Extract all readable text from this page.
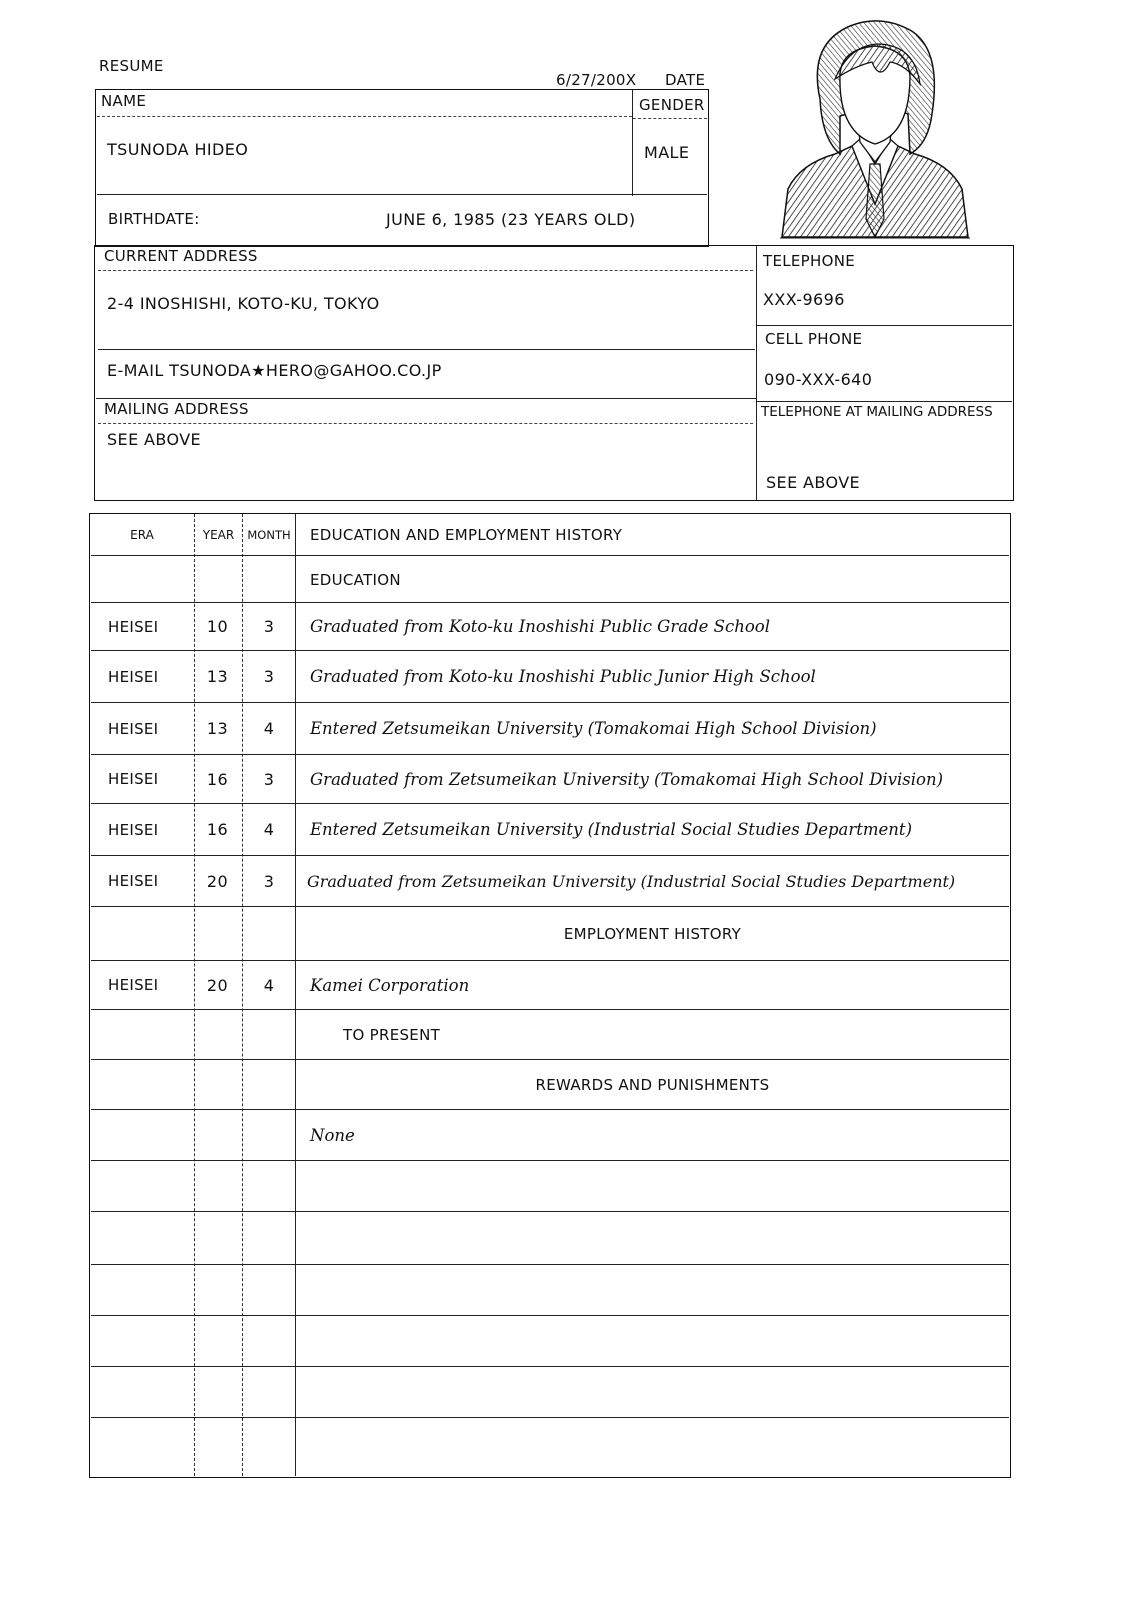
RESUME
6/27/200X DATE
NAME
TSUNODA HIDEO
GENDER
MALE
BIRTHDATE:	JUNE 6, 1985 (23 YEARS OLD)
CURRENT ADDRESS
2-4 INOSHISHI, KOTO-KU, TOKYO
E-MAIL TSUNODA★HERO@GAHOO.CO.JP
MAILING ADDRESS
SEE ABOVE
TELEPHONE
XXX-9696
CELL PHONE
090-XXX-640
TELEPHONE AT MAILING ADDRESS
SEE ABOVE
ERA	YEAR	MONTH EDUCATION AND EMPLOYMENT HISTORY
EDUCATION
HEISEI	10	3	Graduated from Koto-ku Inoshishi Public Grade School
HEISEI	13	3	Graduated from Koto-ku Inoshishi Public Junior High School
HEISEI	13	4	Entered Zetsumeikan University (Tomakomai High School Division)
HEISEI	16	3	Graduated from Zetsumeikan University (Tomakomai High School Division)
HEISEI	16	4	Entered Zetsumeikan University (Industrial Social Studies Department)
HEISEI	20	3	Graduated from Zetsumeikan University (Industrial Social Studies Department)
EMPLOYMENT HISTORY
HEISEI	20	4	Kamei Corporation
TO PRESENT
REWARDS AND PUNISHMENTS
None
